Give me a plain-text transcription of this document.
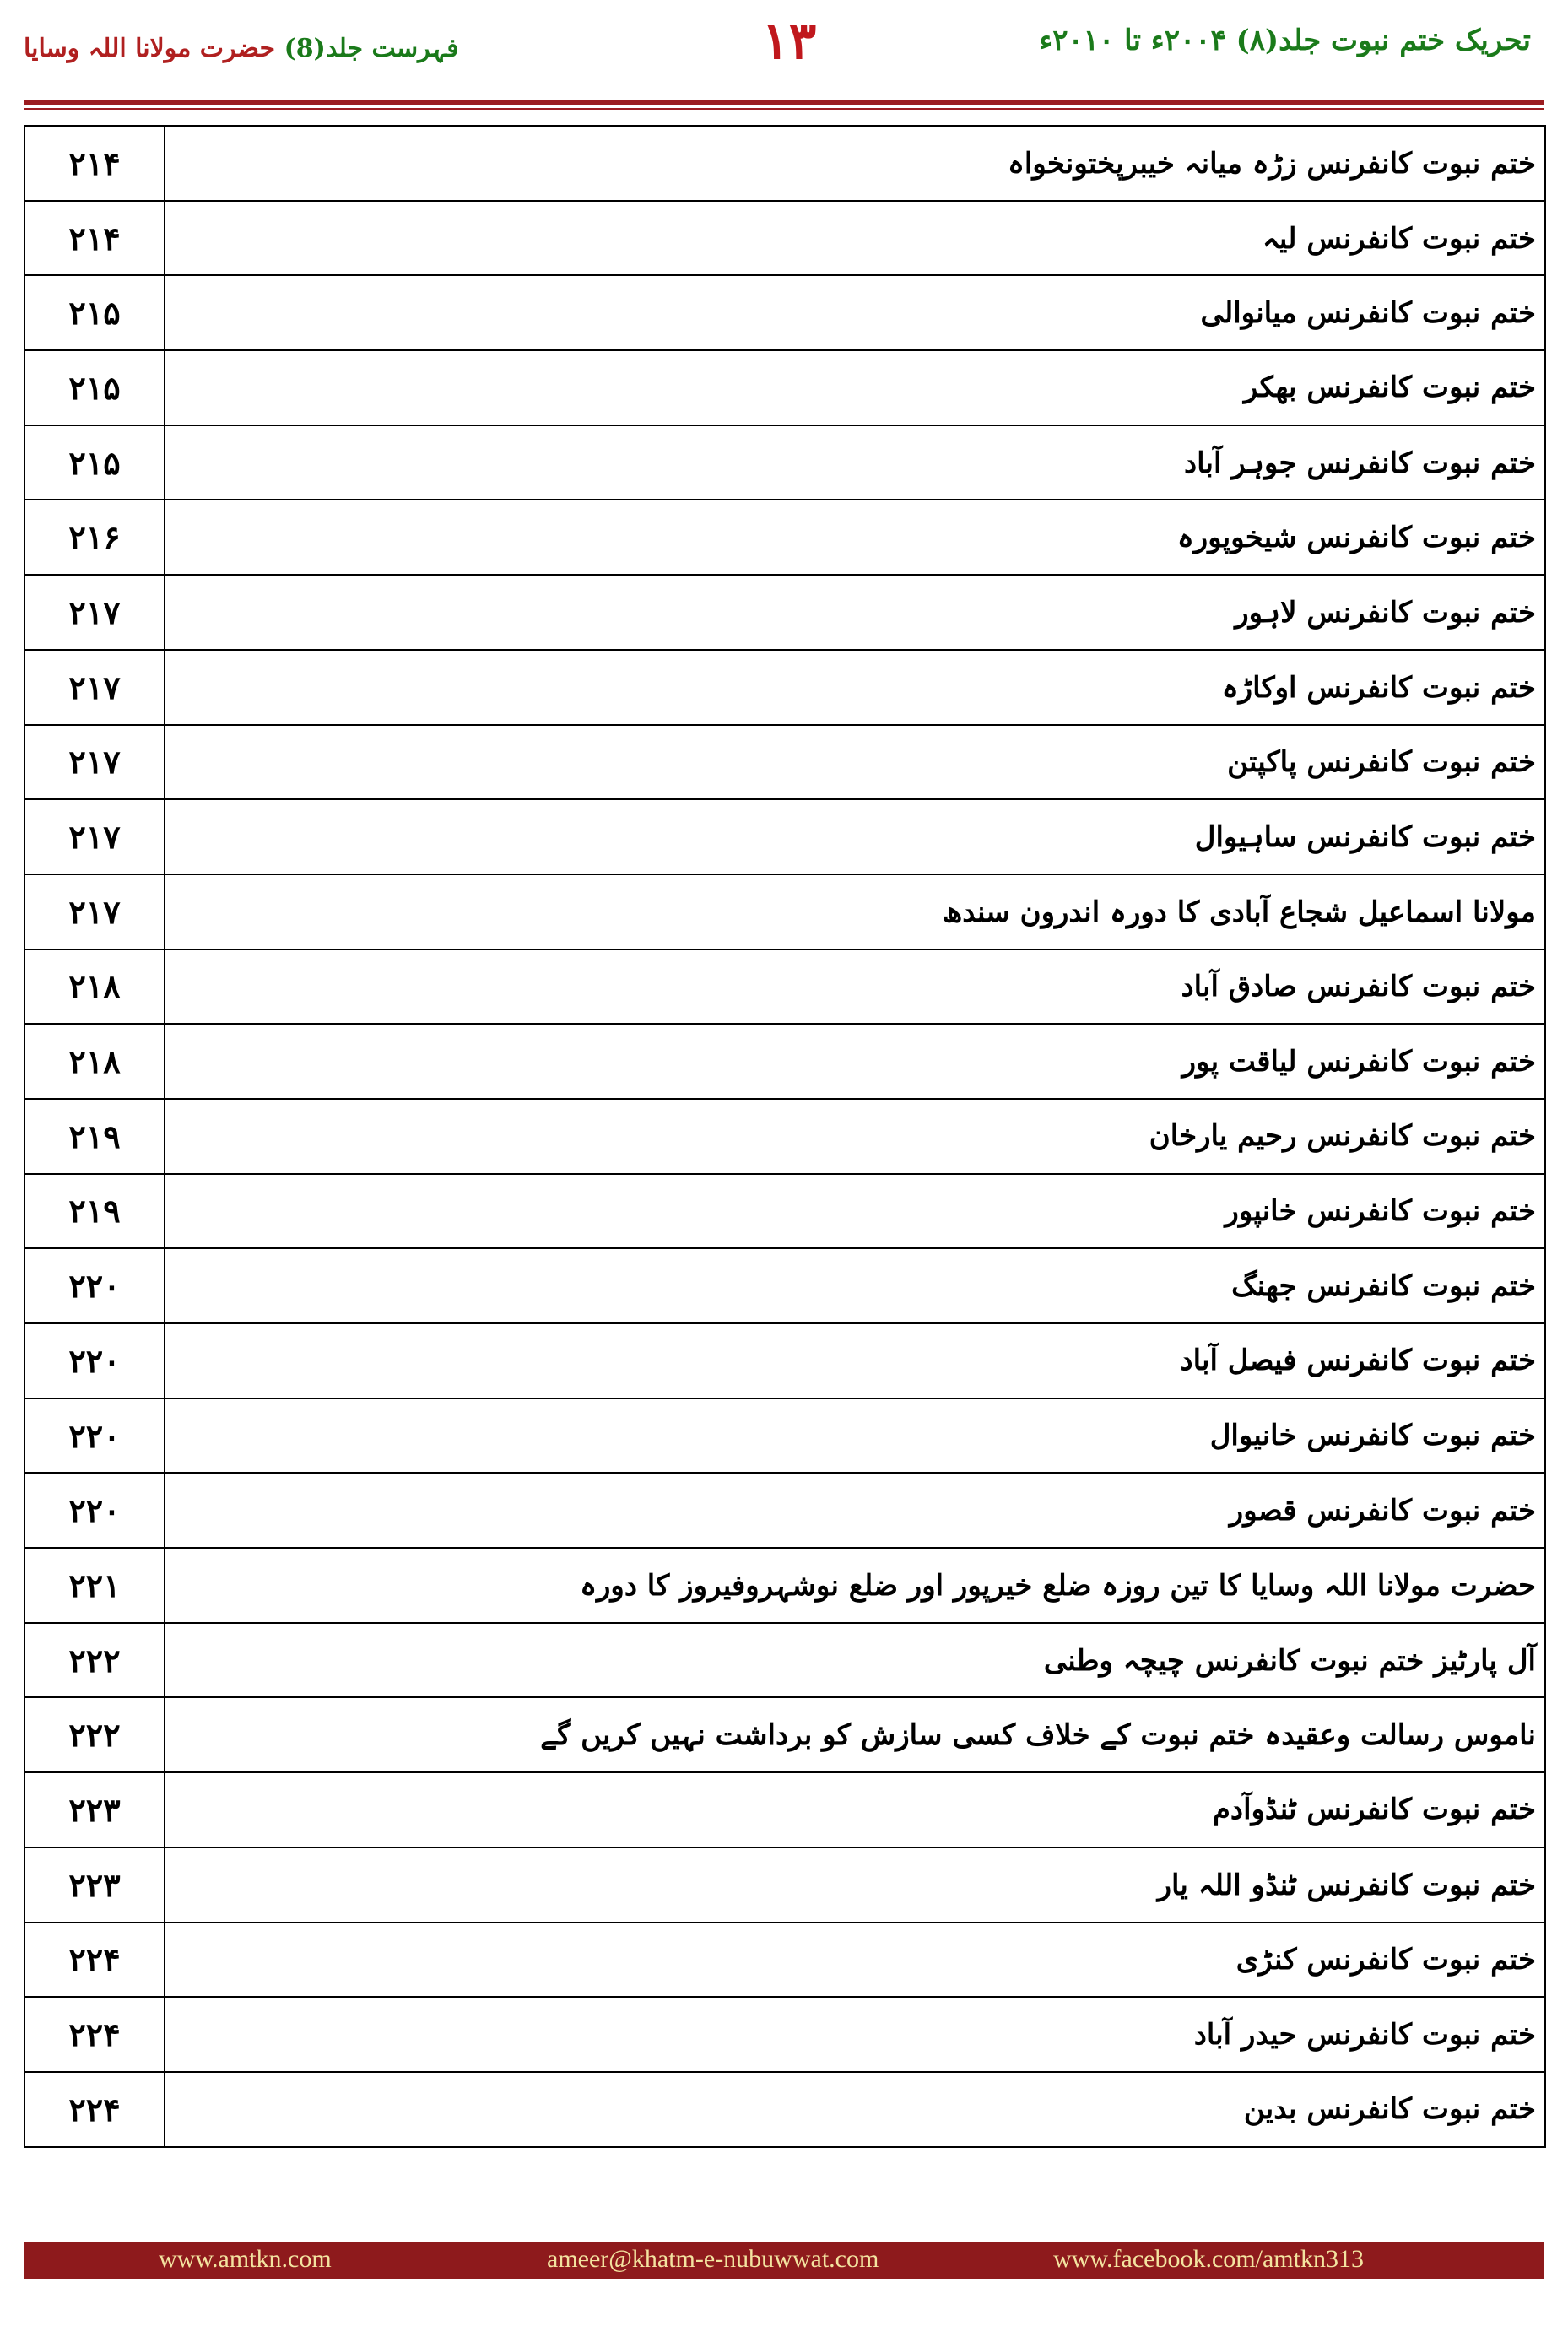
تحریک ختم نبوت جلد(۸) ۲۰۰۴ء تا ۲۰۱۰ء
۱۳
فہرست جلد(8) حضرت مولانا اللہ وسایا
۲۱۴	ختم نبوت کانفرنس زڑہ میانہ خیبرپختونخواہ
۲۱۴	ختم نبوت کانفرنس لیہ
۲۱۵	ختم نبوت کانفرنس میانوالی
۲۱۵	ختم نبوت کانفرنس بھکر
۲۱۵	ختم نبوت کانفرنس جوہر آباد
۲۱۶	ختم نبوت کانفرنس شیخوپورہ
۲۱۷	ختم نبوت کانفرنس لاہور
۲۱۷	ختم نبوت کانفرنس اوکاڑہ
۲۱۷	ختم نبوت کانفرنس پاکپتن
۲۱۷	ختم نبوت کانفرنس ساہیوال
۲۱۷	مولانا اسماعیل شجاع آبادی کا دورہ اندرون سندھ
۲۱۸	ختم نبوت کانفرنس صادق آباد
۲۱۸	ختم نبوت کانفرنس لیاقت پور
۲۱۹	ختم نبوت کانفرنس رحیم یارخان
۲۱۹	ختم نبوت کانفرنس خانپور
۲۲۰	ختم نبوت کانفرنس جھنگ
۲۲۰	ختم نبوت کانفرنس فیصل آباد
۲۲۰	ختم نبوت کانفرنس خانیوال
۲۲۰	ختم نبوت کانفرنس قصور
۲۲۱	حضرت مولانا اللہ وسایا کا تین روزہ ضلع خیرپور اور ضلع نوشہروفیروز کا دورہ
۲۲۲	آل پارٹیز ختم نبوت کانفرنس چیچہ وطنی
۲۲۲	ناموس رسالت وعقیدہ ختم نبوت کے خلاف کسی سازش کو برداشت نہیں کریں گے
۲۲۳	ختم نبوت کانفرنس ٹنڈوآدم
۲۲۳	ختم نبوت کانفرنس ٹنڈو اللہ یار
۲۲۴	ختم نبوت کانفرنس کنڑی
۲۲۴	ختم نبوت کانفرنس حیدر آباد
۲۲۴	ختم نبوت کانفرنس بدین
www.amtkn.com	ameer@khatm-e-nubuwwat.com	www.facebook.com/amtkn313
